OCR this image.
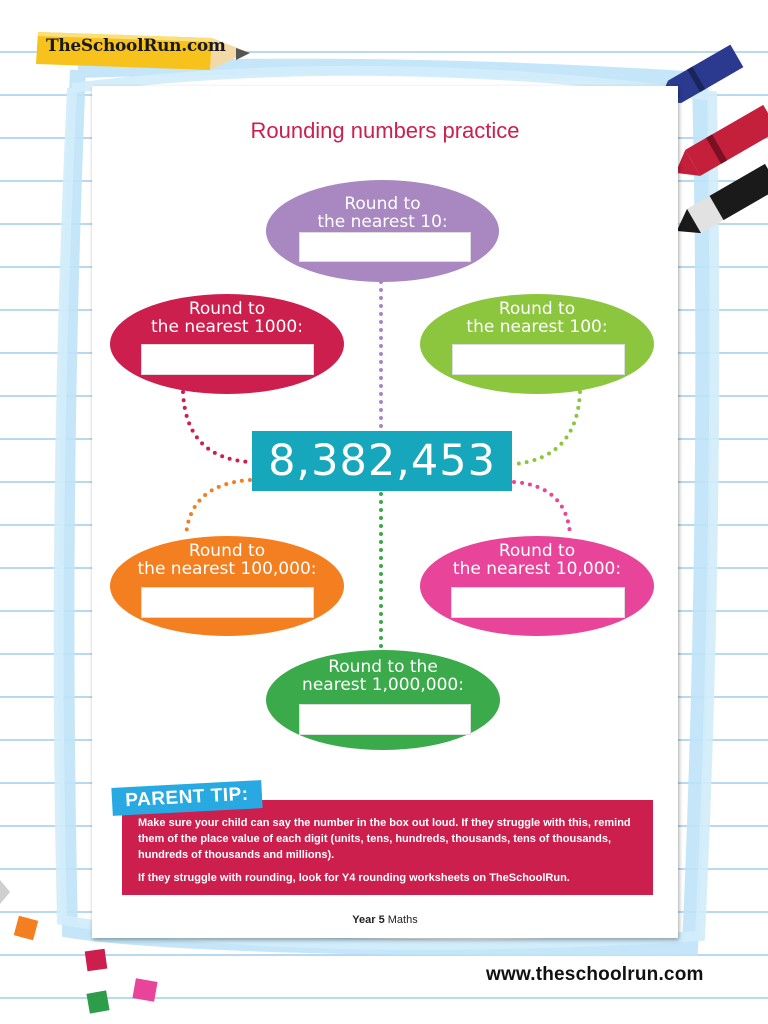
TheSchoolRun.com
www.theschoolrun.com
Rounding numbers practice
Year 5 Maths
Round to
the nearest 10:
Round to
the nearest 1000:
Round to
the nearest 100:
Round to
the nearest 100,000:
Round to
the nearest 10,000:
Round to the
nearest 1,000,000:
8,382,453
PARENT TIP:

Make sure your child can say the number in the box out loud. If they struggle with this, remind them of the place value of each digit (units, tens, hundreds, thousands, tens of thousands, hundreds of thousands and millions).

If they struggle with rounding, look for Y4 rounding worksheets on TheSchoolRun.
